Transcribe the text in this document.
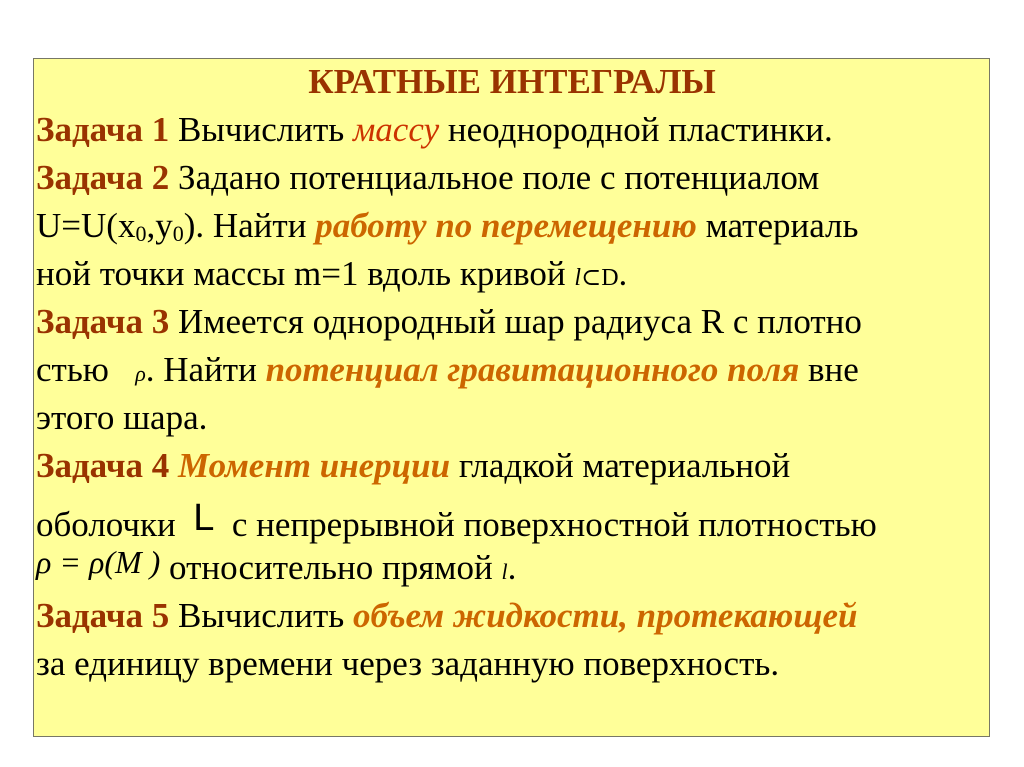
КРАТНЫЕ ИНТЕГРАЛЫ
Задача 1 Вычислить массу неоднородной пластинки.
Задача 2 Задано потенциальное поле с потенциалом
$U=U(x_0,y_0)$. Найти работу по перемещению материаль
ной точки массы m=1 вдоль кривой l⊂D.
Задача 3 Имеется однородный шар радиуса R с плотно
стью ρ. Найти потенциал гравитационного поля вне
этого шара.
Задача 4 Момент инерции гладкой материальной
оболочки L с непрерывной поверхностной плотностью
ρ = ρ(M ) относительно прямой l.
Задача 5 Вычислить объем жидкости, протекающей
за единицу времени через заданную поверхность.
